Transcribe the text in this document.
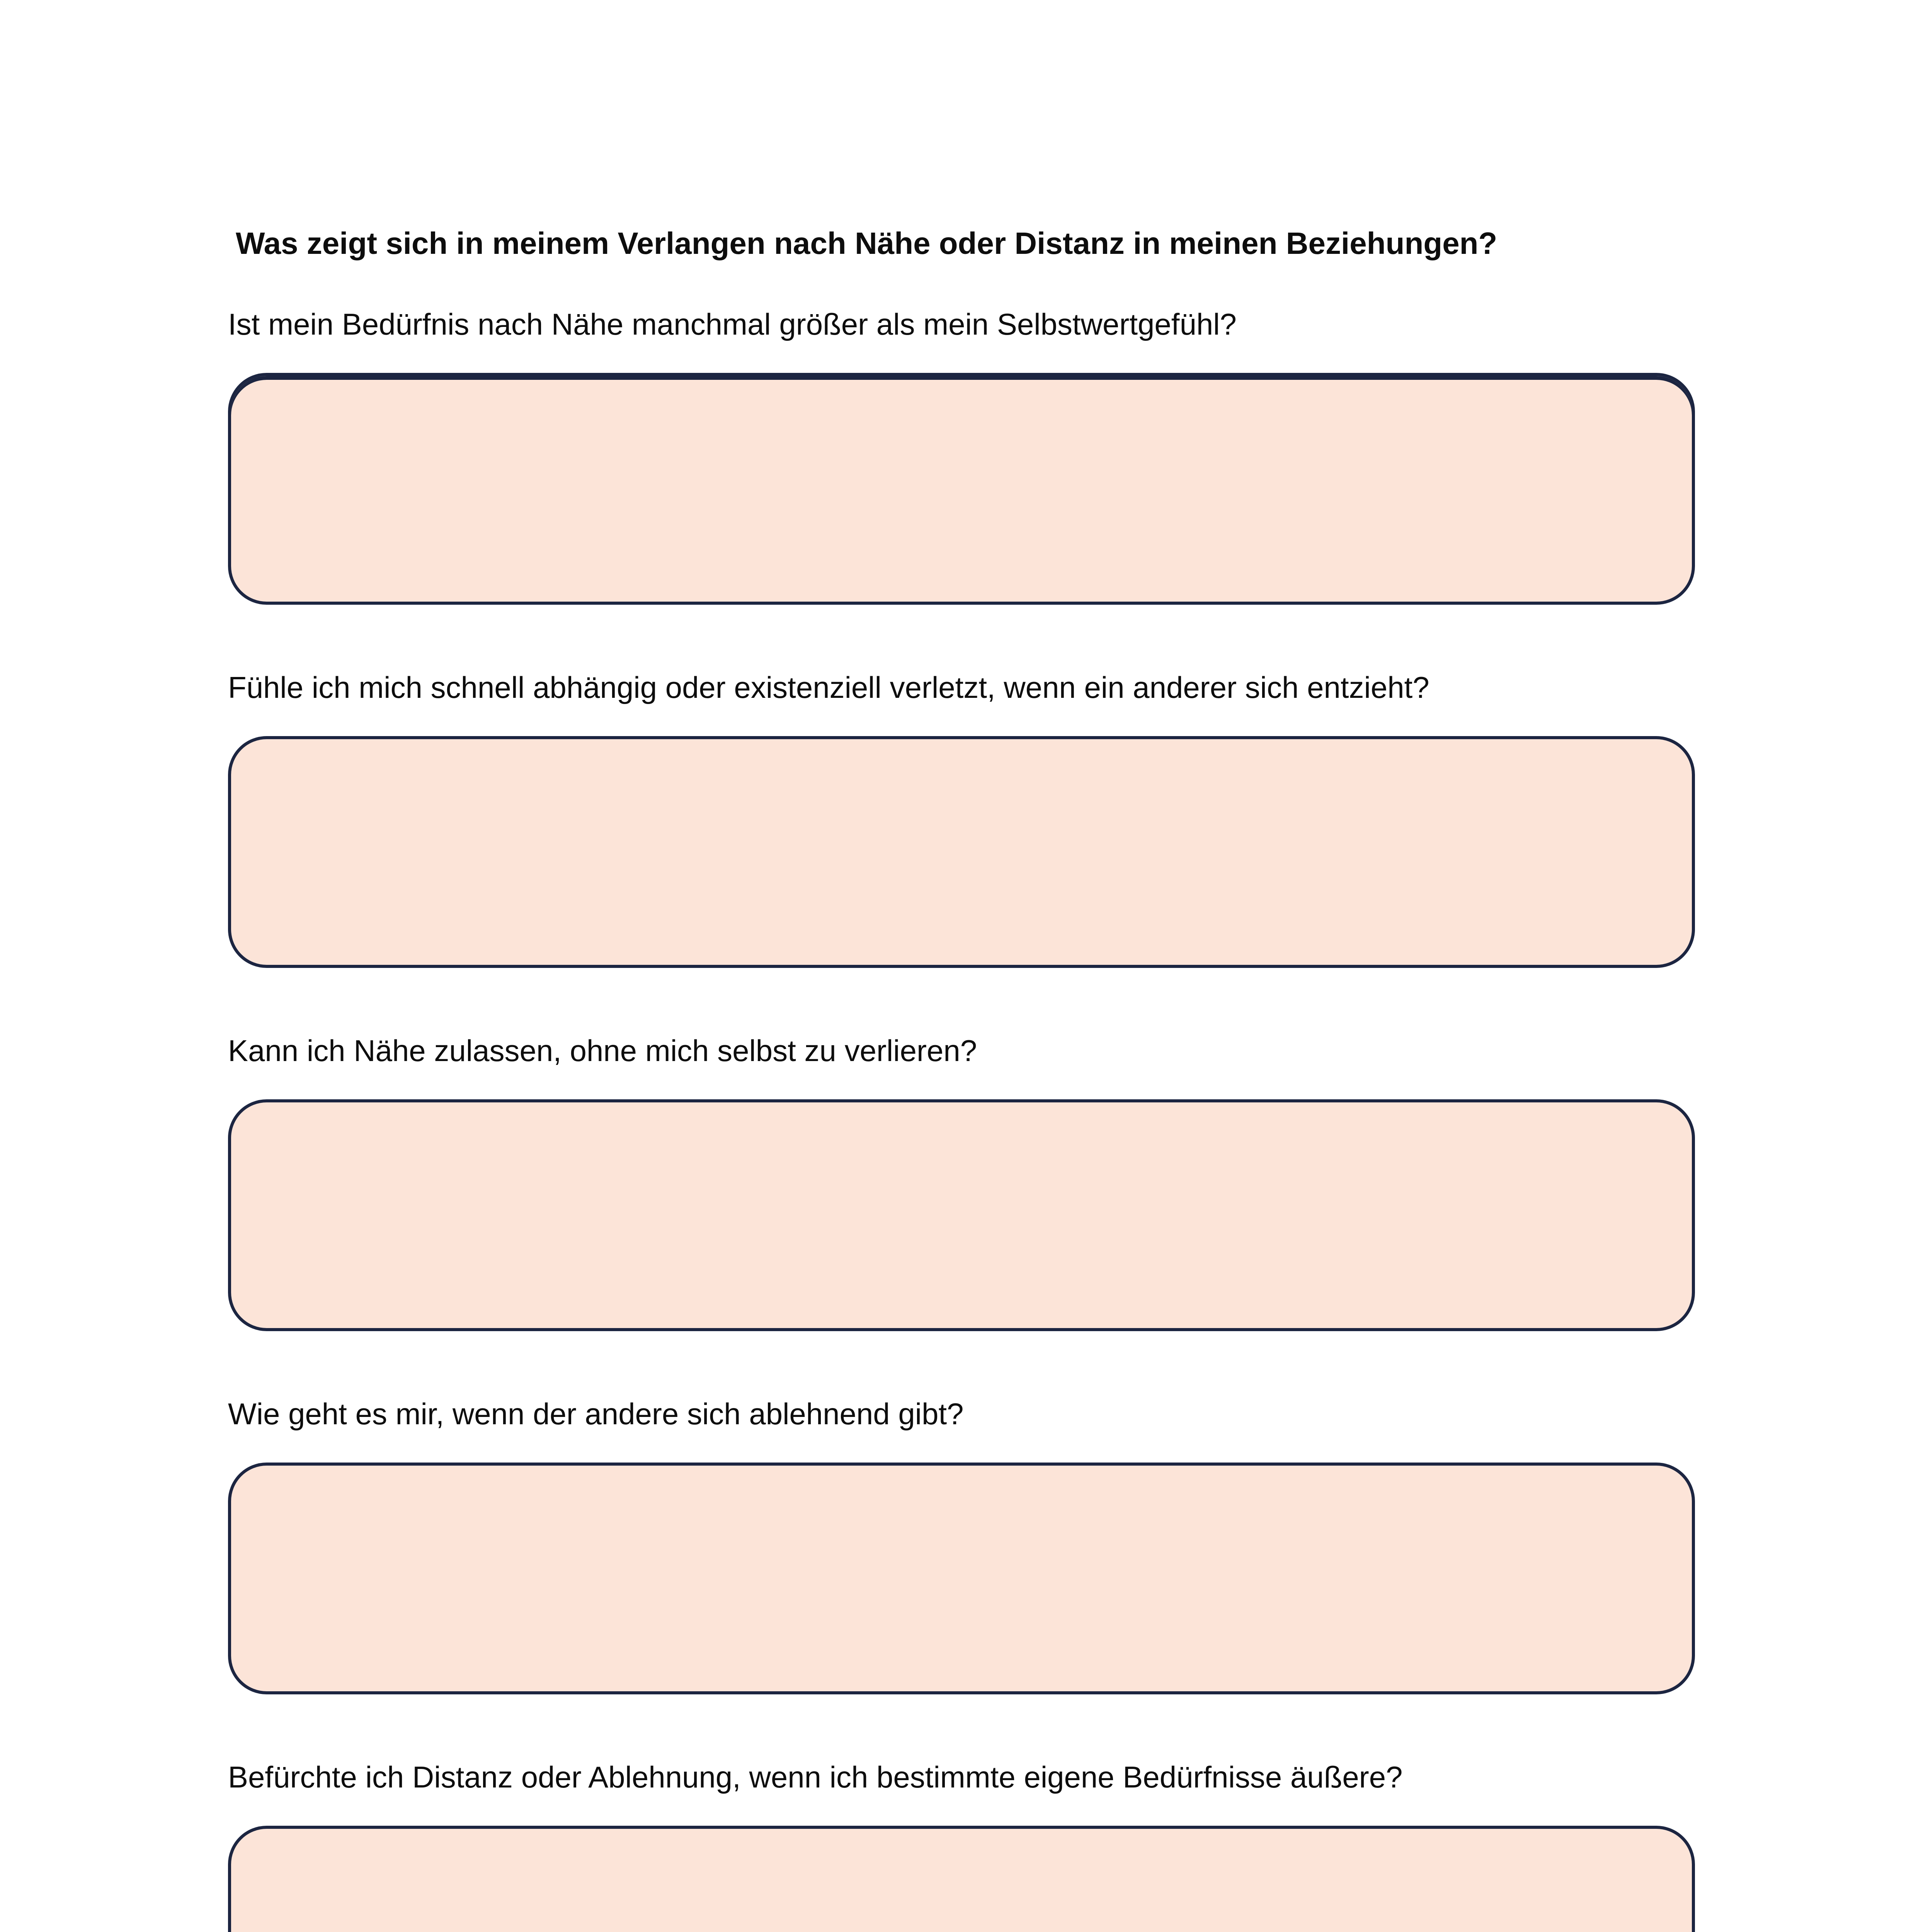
Was zeigt sich in meinem Verlangen nach Nähe oder Distanz in meinen Beziehungen?
Ist mein Bedürfnis nach Nähe manchmal größer als mein Selbstwertgefühl?
Fühle ich mich schnell abhängig oder existenziell verletzt, wenn ein anderer sich entzieht?
Kann ich Nähe zulassen, ohne mich selbst zu verlieren?
Wie geht es mir, wenn der andere sich ablehnend gibt?
Befürchte ich Distanz oder Ablehnung, wenn ich bestimmte eigene Bedürfnisse äußere?
